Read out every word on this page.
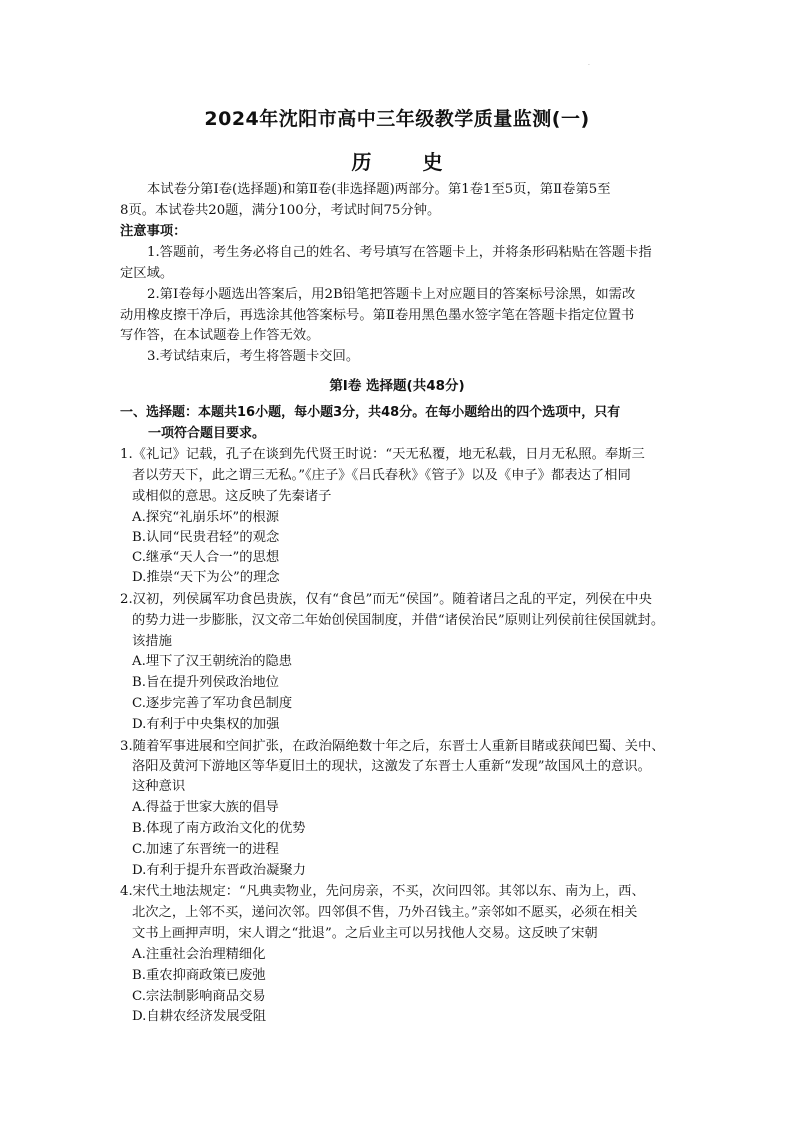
·
2024年沈阳市高中三年级教学质量监测(一)
历 史
本试卷分第Ⅰ卷(选择题)和第Ⅱ卷(非选择题)两部分。第1卷1至5页，第Ⅱ卷第5至
8页。本试卷共20题，满分100分，考试时间75分钟。
注意事项：
1.答题前，考生务必将自己的姓名、考号填写在答题卡上，并将条形码粘贴在答题卡指
定区域。
2.第Ⅰ卷每小题选出答案后，用2B铅笔把答题卡上对应题目的答案标号涂黑，如需改
动用橡皮擦干净后，再选涂其他答案标号。第Ⅱ卷用黑色墨水签字笔在答题卡指定位置书
写作答，在本试题卷上作答无效。
3.考试结束后，考生将答题卡交回。
第Ⅰ卷 选择题(共48分)
一、选择题：本题共16小题，每小题3分，共48分。在每小题给出的四个选项中，只有
一项符合题目要求。
1.《礼记》记载，孔子在谈到先代贤王时说：“天无私覆，地无私载，日月无私照。奉斯三
者以劳天下，此之谓三无私。”《庄子》《吕氏春秋》《管子》以及《申子》都表达了相同
或相似的意思。这反映了先秦诸子
A.探究“礼崩乐坏”的根源
B.认同“民贵君轻”的观念
C.继承“天人合一”的思想
D.推崇“天下为公”的理念
2.汉初，列侯属军功食邑贵族，仅有“食邑”而无“侯国”。随着诸吕之乱的平定，列侯在中央
的势力进一步膨胀，汉文帝二年始创侯国制度，并借“诸侯治民”原则让列侯前往侯国就封。
该措施
A.埋下了汉王朝统治的隐患
B.旨在提升列侯政治地位
C.逐步完善了军功食邑制度
D.有利于中央集权的加强
3.随着军事进展和空间扩张，在政治隔绝数十年之后，东晋士人重新目睹或获闻巴蜀、关中、
洛阳及黄河下游地区等华夏旧土的现状，这激发了东晋士人重新“发现”故国风土的意识。
这种意识
A.得益于世家大族的倡导
B.体现了南方政治文化的优势
C.加速了东晋统一的进程
D.有利于提升东晋政治凝聚力
4.宋代土地法规定：“凡典卖物业，先问房亲，不买，次问四邻。其邻以东、南为上，西、
北次之，上邻不买，递问次邻。四邻俱不售，乃外召钱主。”亲邻如不愿买，必须在相关
文书上画押声明，宋人谓之“批退”。之后业主可以另找他人交易。这反映了宋朝
A.注重社会治理精细化
B.重农抑商政策已废弛
C.宗法制影响商品交易
D.自耕农经济发展受阻
